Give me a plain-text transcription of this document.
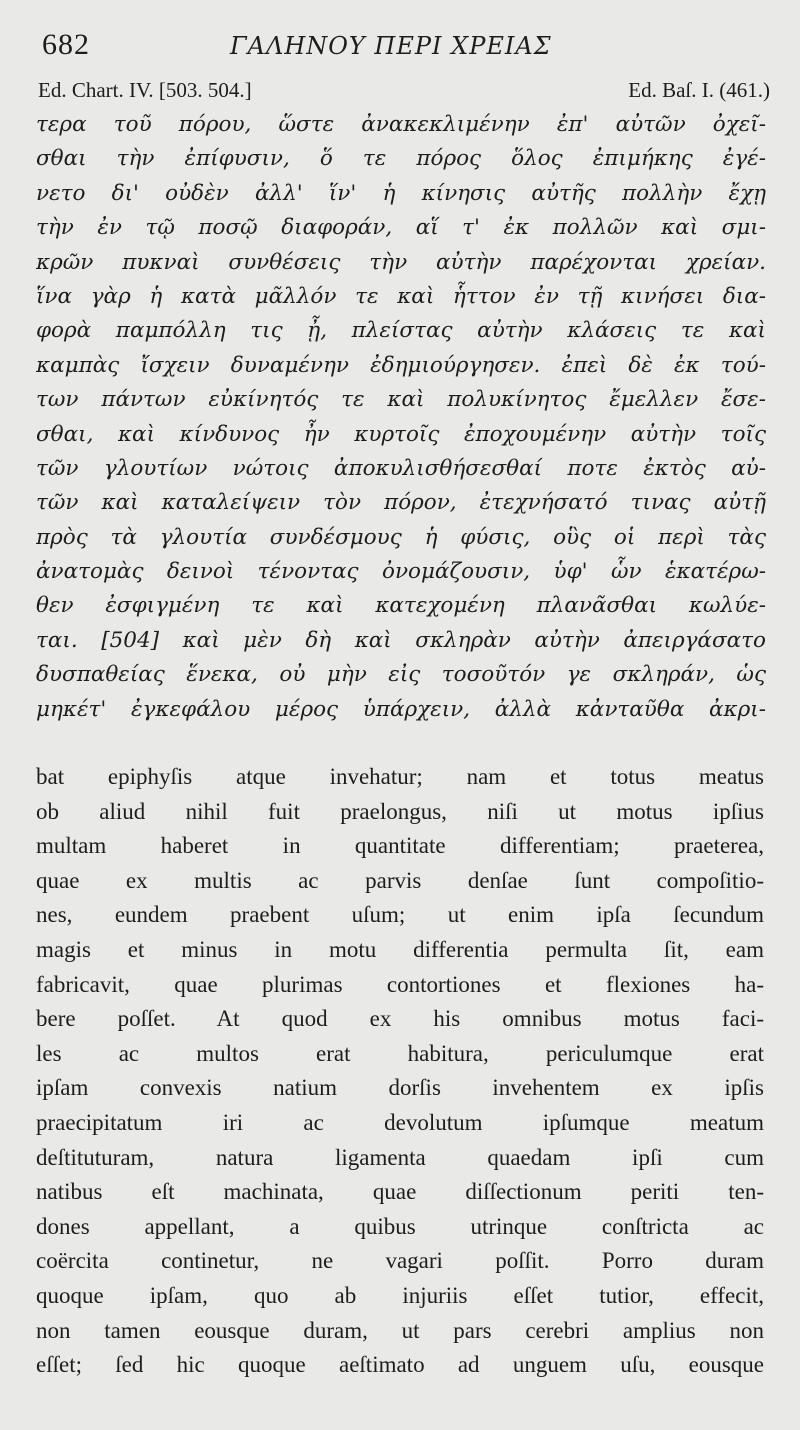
682	ΓΑΛΗΝΟΥ ΠΕΡΙ ΧΡΕΙΑΣ
Ed. Chart. IV. [503. 504.]	Ed. Baſ. I. (461.)
τερα τοῦ πόρου, ὥστε ἀνακεκλιμένην ἐπ' αὐτῶν ὀχεῖ-
σθαι τὴν ἐπίφυσιν, ὅ τε πόρος ὅλος ἐπιμήκης ἐγέ-
νετο δι' οὐδὲν ἀλλ' ἵν' ἡ κίνησις αὐτῆς πολλὴν ἔχῃ
τὴν ἐν τῷ ποσῷ διαφοράν, αἵ τ' ἐκ πολλῶν καὶ σμι-
κρῶν πυκναὶ συνθέσεις τὴν αὐτὴν παρέχονται χρείαν.
ἵνα γὰρ ἡ κατὰ μᾶλλόν τε καὶ ἧττον ἐν τῇ κινήσει δια-
φορὰ παμπόλλη τις ᾖ, πλείστας αὐτὴν κλάσεις τε καὶ
καμπὰς ἴσχειν δυναμένην ἐδημιούργησεν. ἐπεὶ δὲ ἐκ τού-
των πάντων εὐκίνητός τε καὶ πολυκίνητος ἔμελλεν ἔσε-
σθαι, καὶ κίνδυνος ἦν κυρτοῖς ἐποχουμένην αὐτὴν τοῖς
τῶν γλουτίων νώτοις ἀποκυλισθήσεσθαί ποτε ἐκτὸς αὐ-
τῶν καὶ καταλείψειν τὸν πόρον, ἐτεχνήσατό τινας αὐτῇ
πρὸς τὰ γλουτία συνδέσμους ἡ φύσις, οὓς οἱ περὶ τὰς
ἀνατομὰς δεινοὶ τένοντας ὀνομάζουσιν, ὑφ' ὧν ἑκατέρω-
θεν ἐσφιγμένη τε καὶ κατεχομένη πλανᾶσθαι κωλύε-
ται. [504] καὶ μὲν δὴ καὶ σκληρὰν αὐτὴν ἀπειργάσατο
δυσπαθείας ἕνεκα, οὐ μὴν εἰς τοσοῦτόν γε σκληράν, ὡς
μηκέτ' ἐγκεφάλου μέρος ὑπάρχειν, ἀλλὰ κἀνταῦθα ἀκρι-
bat epiphyſis atque invehatur; nam et totus meatus
ob aliud nihil fuit praelongus, niſi ut motus ipſius
multam haberet in quantitate differentiam; praeterea,
quae ex multis ac parvis denſae ſunt compoſitio-
nes, eundem praebent uſum; ut enim ipſa ſecundum
magis et minus in motu differentia permulta ſit, eam
fabricavit, quae plurimas contortiones et flexiones ha-
bere poſſet. At quod ex his omnibus motus faci-
les ac multos erat habitura, periculumque erat
ipſam convexis natium dorſis invehentem ex ipſis
praecipitatum iri ac devolutum ipſumque meatum
deſtituturam, natura ligamenta quaedam ipſi cum
natibus eſt machinata, quae diſſectionum periti ten-
dones appellant, a quibus utrinque conſtricta ac
coërcita continetur, ne vagari poſſit. Porro duram
quoque ipſam, quo ab injuriis eſſet tutior, effecit,
non tamen eousque duram, ut pars cerebri amplius non
eſſet; ſed hic quoque aeſtimato ad unguem uſu, eousque
